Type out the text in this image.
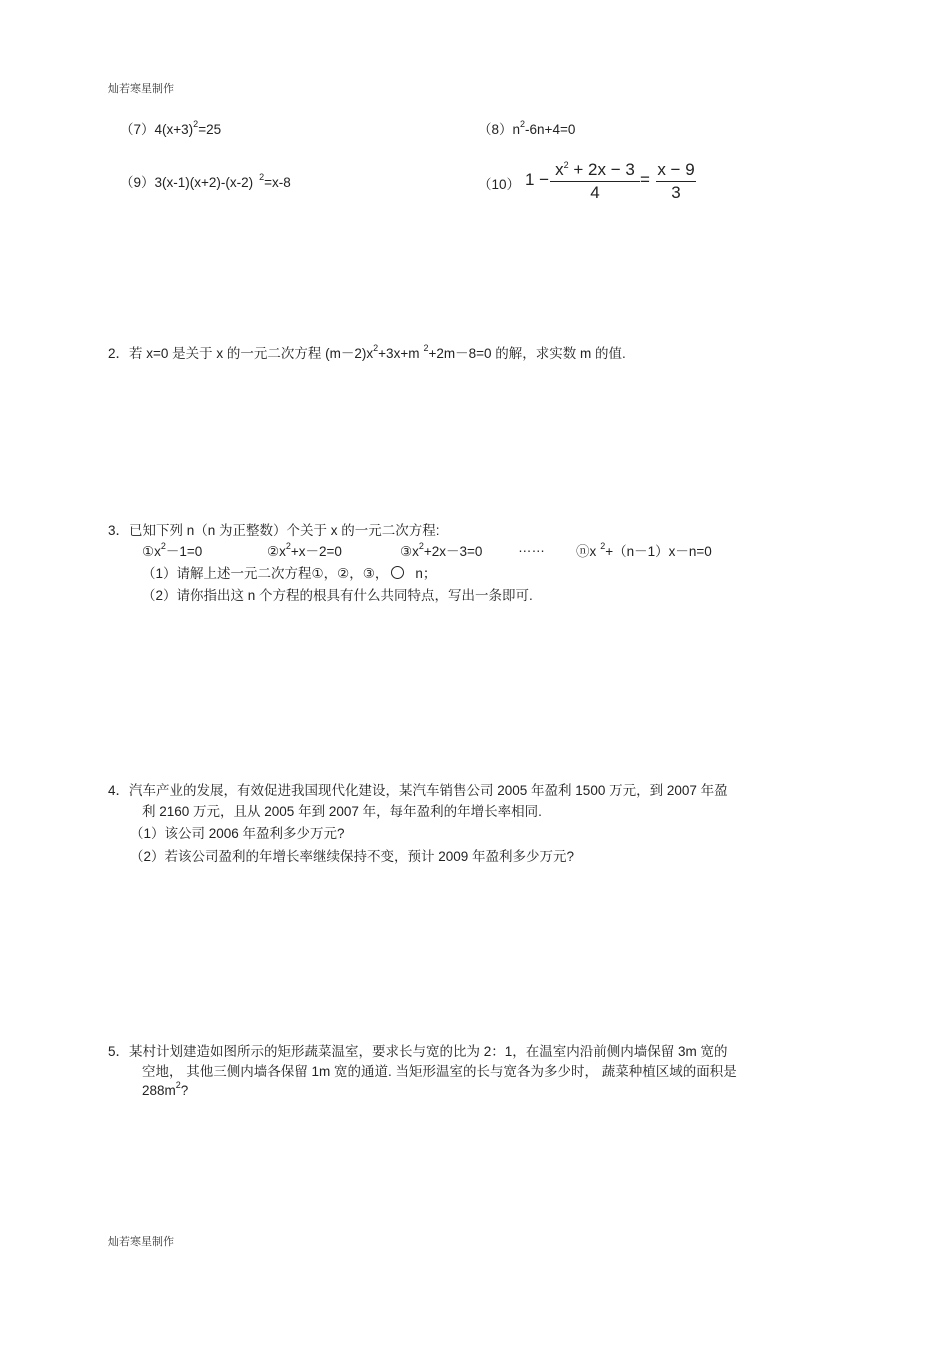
灿若寒星制作
$(7)4(x+3)^2=25$	$(8)n^2-6n+4=0$
（9）3(x-1)(x+2)-(x-2) $^2$=x-8	（10） 1 −
$x^2 + 2x - 3$
4
=
x − 9
3
2．若 x=0 是关于 x 的一元二次方程 $(m-2)x^2+3x+m$ $^2$+2m－8=0 的解，求实数 m 的值.
3．已知下列 n（n 为正整数）个关于 x 的一元二次方程:
$①x^2-1=0$	$②x^2+x-2=0$	$③x^2+2x-3=0$	…… ⓝx $^2$+（n－1）x－n=0
（1）请解上述一元二次方程①，②，③， n；
（2）请你指出这 n 个方程的根具有什么共同特点，写出一条即可.
4．汽车产业的发展，有效促进我国现代化建设，某汽车销售公司 2005 年盈利 1500 万元，到 2007 年盈
利 2160 万元，且从 2005 年到 2007 年，每年盈利的年增长率相同.
（1）该公司 2006 年盈利多少万元?
（2）若该公司盈利的年增长率继续保持不变，预计 2009 年盈利多少万元?
5．某村计划建造如图所示的矩形蔬菜温室，要求长与宽的比为 2：1，在温室内沿前侧内墙保留 3m 宽的
空地， 其他三侧内墙各保留 1m 宽的通道. 当矩形温室的长与宽各为多少时， 蔬菜种植区域的面积是
$288m^2$?
灿若寒星制作
